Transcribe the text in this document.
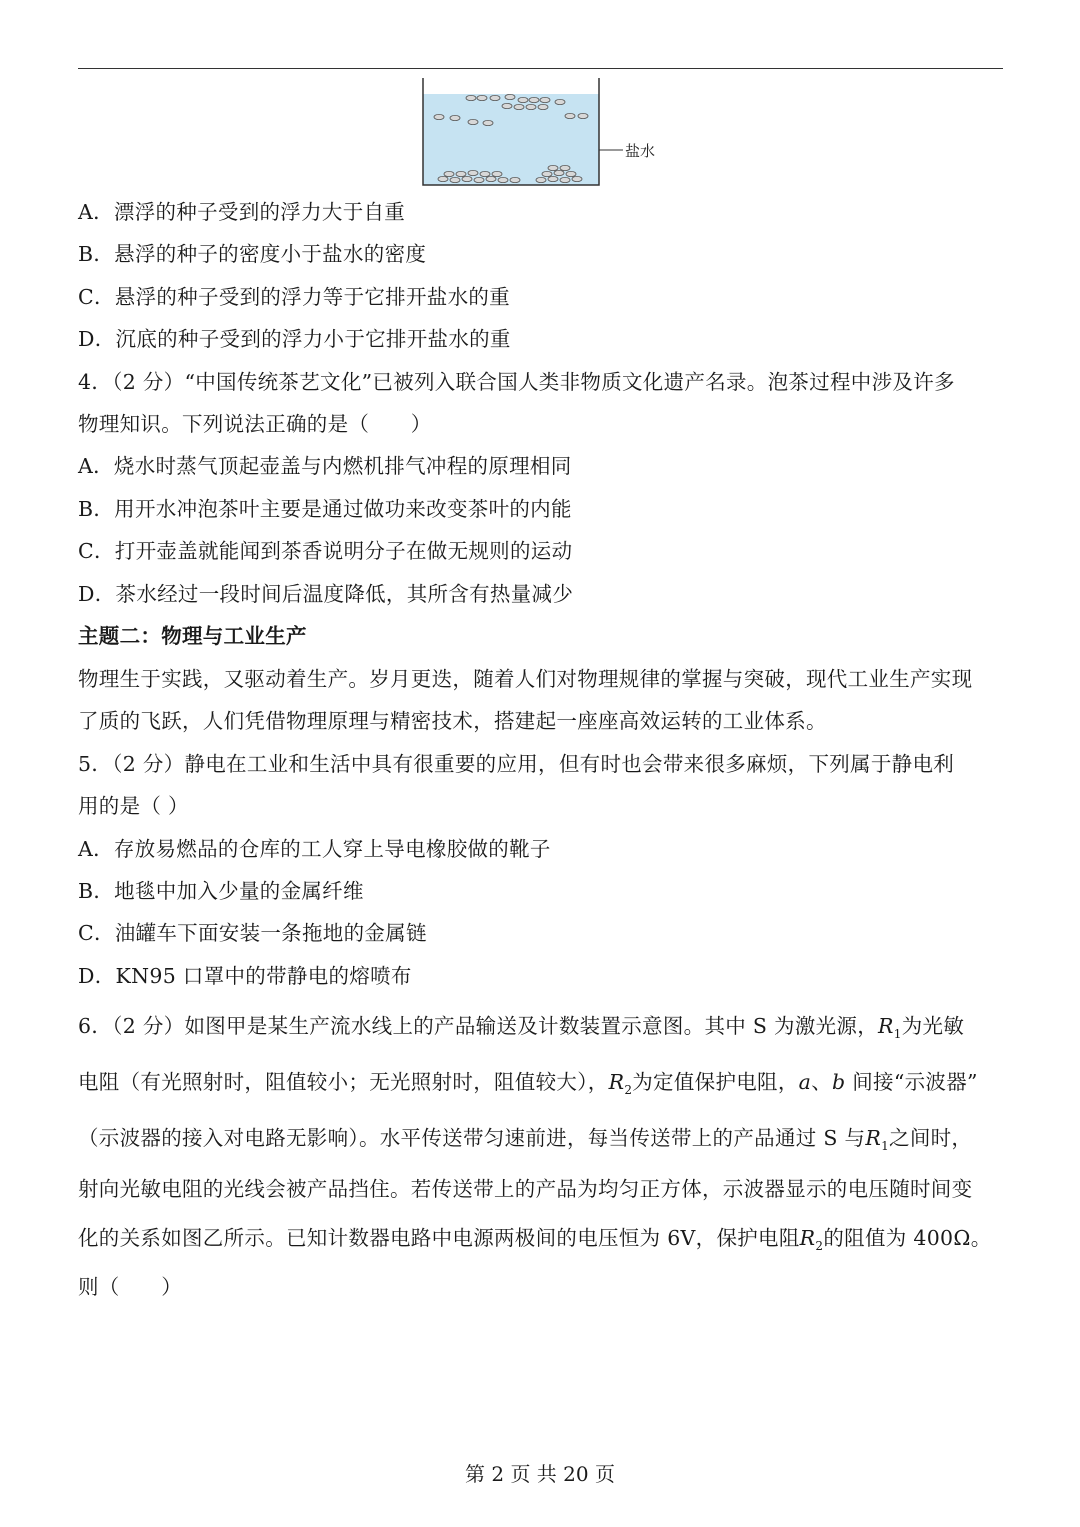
盐水
A．漂浮的种子受到的浮力大于自重
B．悬浮的种子的密度小于盐水的密度
C．悬浮的种子受到的浮力等于它排开盐水的重
D．沉底的种子受到的浮力小于它排开盐水的重
4．（2 分）“中国传统茶艺文化”已被列入联合国人类非物质文化遗产名录。泡茶过程中涉及许多
物理知识。下列说法正确的是（　　）
A．烧水时蒸气顶起壶盖与内燃机排气冲程的原理相同
B．用开水冲泡茶叶主要是通过做功来改变茶叶的内能
C．打开壶盖就能闻到茶香说明分子在做无规则的运动
D．茶水经过一段时间后温度降低，其所含有热量减少
主题二：物理与工业生产
物理生于实践，又驱动着生产。岁月更迭，随着人们对物理规律的掌握与突破，现代工业生产实现
了质的飞跃，人们凭借物理原理与精密技术，搭建起一座座高效运转的工业体系。
5．（2 分）静电在工业和生活中具有很重要的应用，但有时也会带来很多麻烦，下列属于静电利
用的是（ ）
A．存放易燃品的仓库的工人穿上导电橡胶做的靴子
B．地毯中加入少量的金属纤维
C．油罐车下面安装一条拖地的金属链
D．KN95 口罩中的带静电的熔喷布
6．（2 分）如图甲是某生产流水线上的产品输送及计数装置示意图。其中 S 为激光源，$R_1$为光敏
电阻（有光照射时，阻值较小；无光照射时，阻值较大），$R_2$为定值保护电阻，a、b 间接“示波器”
（示波器的接入对电路无影响）。水平传送带匀速前进，每当传送带上的产品通过 S 与$R_1$之间时，
射向光敏电阻的光线会被产品挡住。若传送带上的产品为均匀正方体，示波器显示的电压随时间变
化的关系如图乙所示。已知计数器电路中电源两极间的电压恒为 6V，保护电阻$R_2$的阻值为 400Ω。
则（　　）
第 2 页 共 20 页
